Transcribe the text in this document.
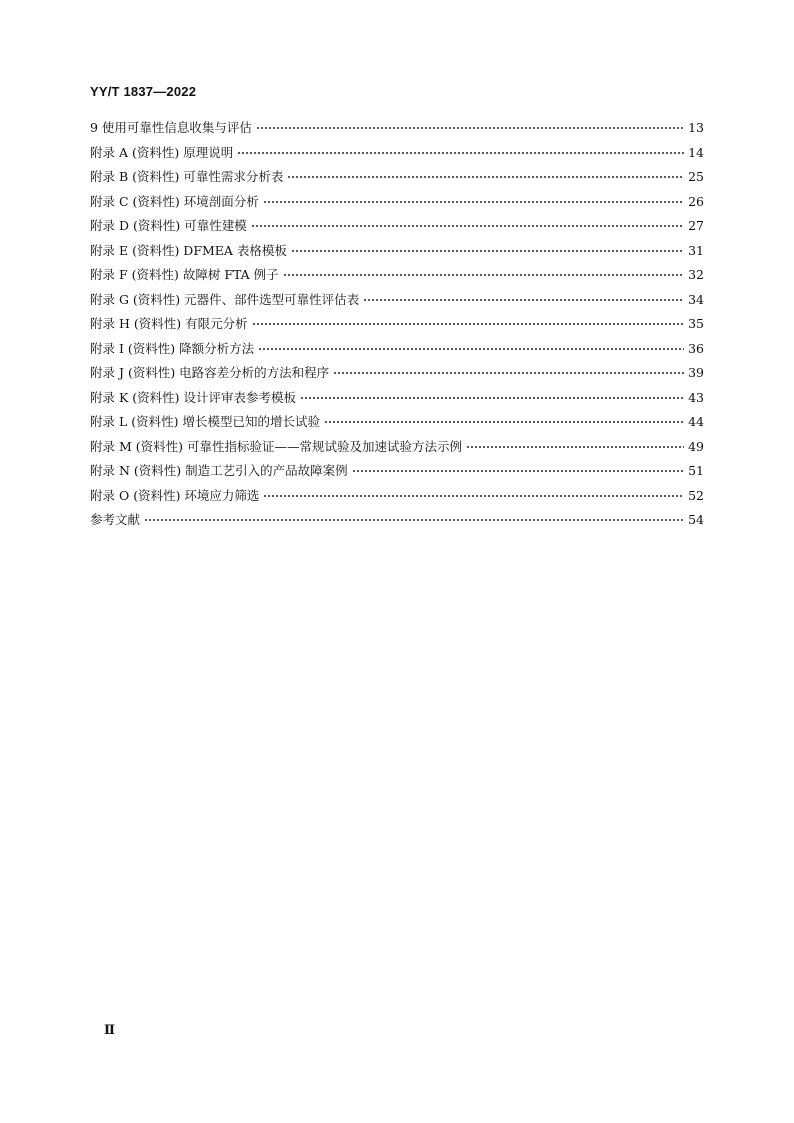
YY/T 1837—2022
9 使用可靠性信息收集与评估	13
附录 A (资料性) 原理说明	14
附录 B (资料性) 可靠性需求分析表	25
附录 C (资料性) 环境剖面分析	26
附录 D (资料性) 可靠性建模	27
附录 E (资料性) DFMEA 表格模板	31
附录 F (资料性) 故障树 FTA 例子	32
附录 G (资料性) 元器件、部件选型可靠性评估表	34
附录 H (资料性) 有限元分析	35
附录 I (资料性) 降额分析方法	36
附录 J (资料性) 电路容差分析的方法和程序	39
附录 K (资料性) 设计评审表参考模板	43
附录 L (资料性) 增长模型已知的增长试验	44
附录 M (资料性) 可靠性指标验证——常规试验及加速试验方法示例	49
附录 N (资料性) 制造工艺引入的产品故障案例	51
附录 O (资料性) 环境应力筛选	52
参考文献	54
Ⅱ
